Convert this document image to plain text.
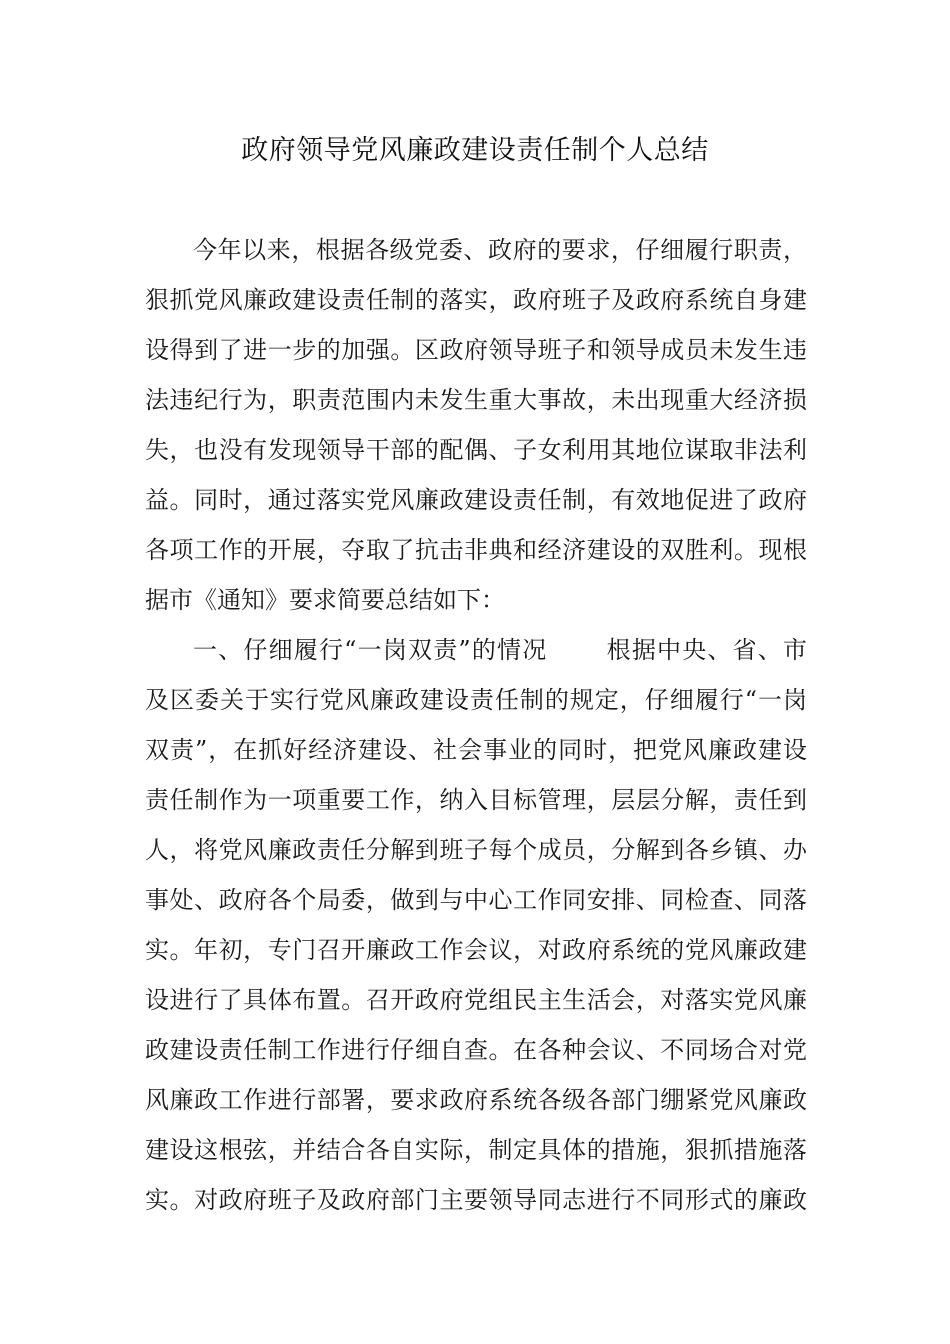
政府领导党风廉政建设责任制个人总结

今年以来，根据各级党委、政府的要求，仔细履行职责，

狠抓党风廉政建设责任制的落实，政府班子及政府系统自身建

设得到了进一步的加强。区政府领导班子和领导成员未发生违

法违纪行为，职责范围内未发生重大事故，未出现重大经济损

失，也没有发现领导干部的配偶、子女利用其地位谋取非法利

益。同时，通过落实党风廉政建设责任制，有效地促进了政府

各项工作的开展，夺取了抗击非典和经济建设的双胜利。现根

据市《通知》要求简要总结如下：

一、仔细履行“一岗双责”的情况　　 根据中央、省、市

及区委关于实行党风廉政建设责任制的规定，仔细履行“一岗

双责”，在抓好经济建设、社会事业的同时，把党风廉政建设

责任制作为一项重要工作，纳入目标管理，层层分解，责任到

人，将党风廉政责任分解到班子每个成员，分解到各乡镇、办

事处、政府各个局委，做到与中心工作同安排、同检查、同落

实。年初，专门召开廉政工作会议，对政府系统的党风廉政建

设进行了具体布置。召开政府党组民主生活会，对落实党风廉

政建设责任制工作进行仔细自查。在各种会议、不同场合对党

风廉政工作进行部署，要求政府系统各级各部门绷紧党风廉政

建设这根弦，并结合各自实际，制定具体的措施，狠抓措施落

实。对政府班子及政府部门主要领导同志进行不同形式的廉政
